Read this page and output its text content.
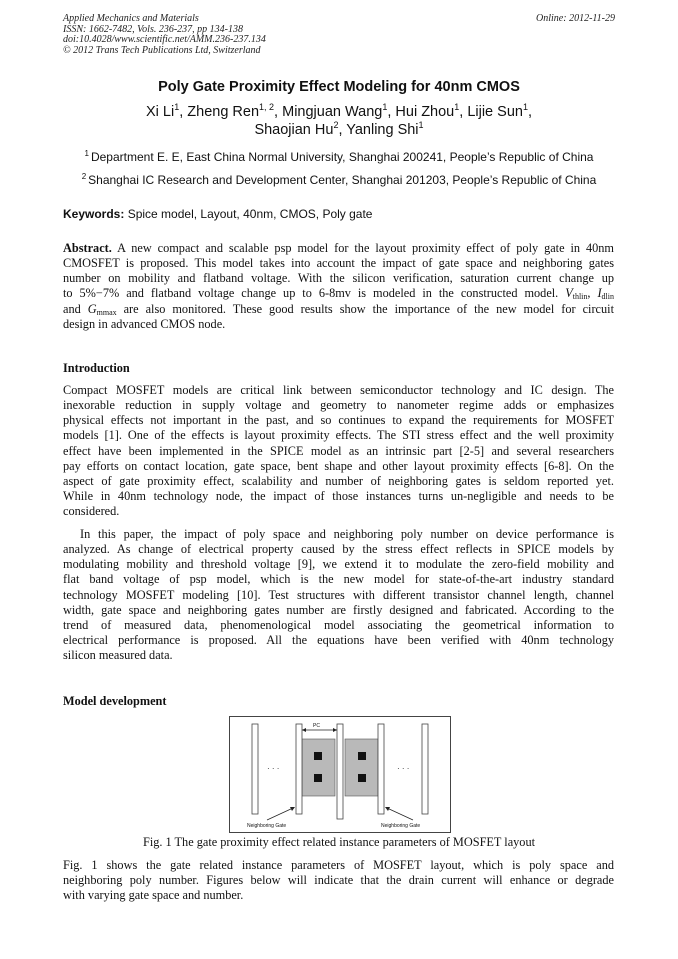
Applied Mechanics and Materials
ISSN: 1662-7482, Vols. 236-237, pp 134-138
doi:10.4028/www.scientific.net/AMM.236-237.134
© 2012 Trans Tech Publications Ltd, Switzerland
Online: 2012-11-29
Poly Gate Proximity Effect Modeling for 40nm CMOS
Xi Li$^1$, Zheng Ren$^{1, 2}$, Mingjuan Wang$^1$, Hui Zhou$^1$, Lijie Sun$^1$,
Shaojian Hu$^2$, Yanling Shi$^1$
$^1$ Department E. E, East China Normal University, Shanghai 200241, People’s Republic of China
$^2$ Shanghai IC Research and Development Center, Shanghai 201203, People’s Republic of China
Keywords: Spice model, Layout, 40nm, CMOS, Poly gate
Abstract. A new compact and scalable psp model for the layout proximity effect of poly gate in 40nm
CMOSFET is proposed. This model takes into account the impact of gate space and neighboring gates
number on mobility and flatband voltage. With the silicon verification, saturation current change up
to 5%−7% and flatband voltage change up to 6-8mv is modeled in the constructed model. $V_{thlin}$, $I_{dlin}$
and $G_{mmax}$ are also monitored. These good results show the importance of the new model for circuit
design in advanced CMOS node.
Introduction
Compact MOSFET models are critical link between semiconductor technology and IC design. The
inexorable reduction in supply voltage and geometry to nanometer regime adds or emphasizes
physical effects not important in the past, and so continues to expand the requirements for MOSFET
models [1]. One of the effects is layout proximity effects. The STI stress effect and the well proximity
effect have been implemented in the SPICE model as an intrinsic part [2-5] and several researchers
pay efforts on contact location, gate space, bent shape and other layout proximity effects [6-8]. On the
aspect of gate proximity effect, scalability and number of neighboring gates is seldom reported yet.
While in 40nm technology node, the impact of those instances turns un-negligible and needs to be
considered.
In this paper, the impact of poly space and neighboring poly number on device performance is
analyzed. As change of electrical property caused by the stress effect reflects in SPICE models by
modulating mobility and threshold voltage [9], we extend it to modulate the zero-field mobility and
flat band voltage of psp model, which is the new model for state-of-the-art industry standard
technology MOSFET modeling [10]. Test structures with different transistor channel length, channel
width, gate space and neighboring gates number are firstly designed and fabricated. According to the
trend of measured data, phenomenological model associating the geometrical information to
electrical performance is proposed. All the equations have been verified with 40nm technology
silicon measured data.
Model development
PC
· · ·	· · ·
Neighboring Gate	Neighboring Gate
Fig. 1 The gate proximity effect related instance parameters of MOSFET layout
Fig. 1 shows the gate related instance parameters of MOSFET layout, which is poly space and
neighboring poly number. Figures below will indicate that the drain current will enhance or degrade
with varying gate space and number.
